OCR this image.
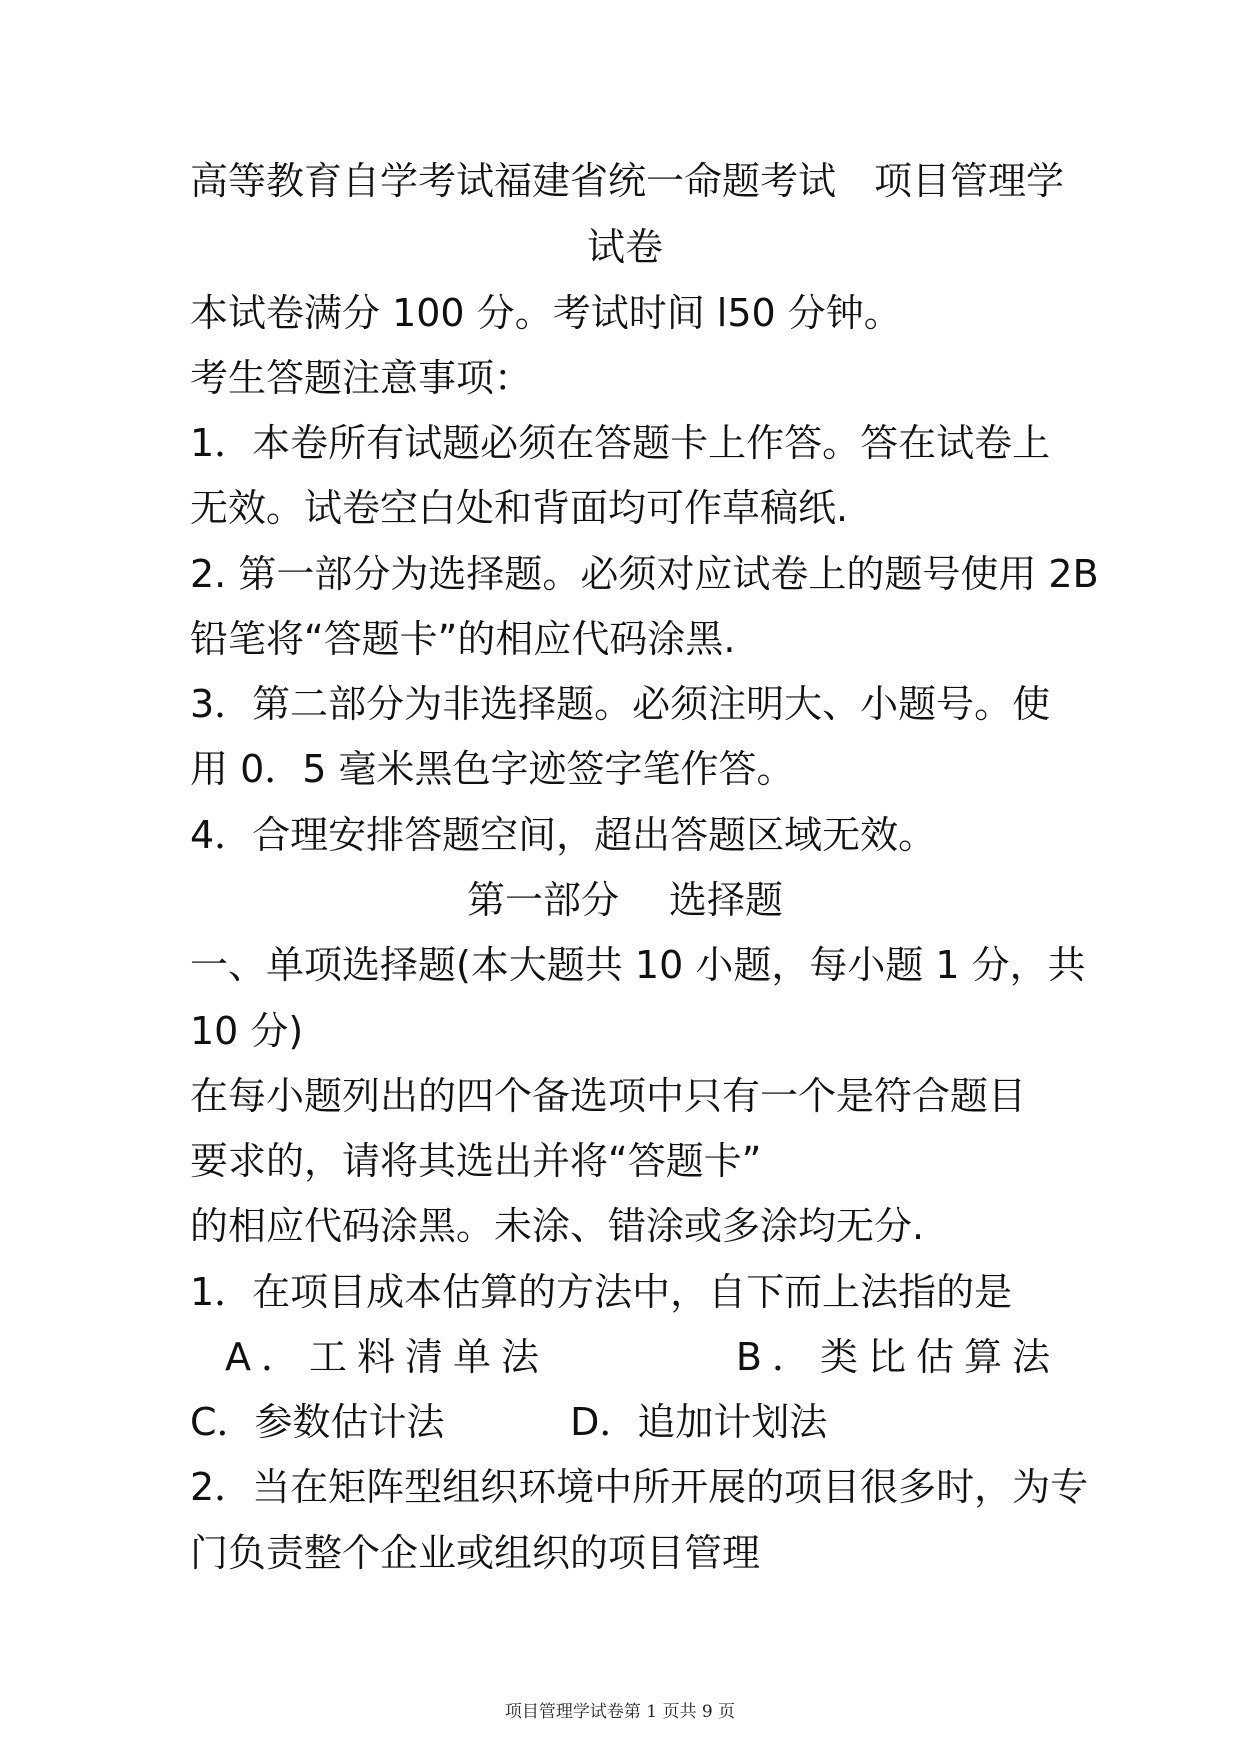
高等教育自学考试福建省统一命题考试　项目管理学
试卷
本试卷满分 100 分。考试时间 l50 分钟。
考生答题注意事项：
1．本卷所有试题必须在答题卡上作答。答在试卷上
无效。试卷空白处和背面均可作草稿纸.
2. 第一部分为选择题。必须对应试卷上的题号使用 2B
铅笔将“答题卡”的相应代码涂黑.
3．第二部分为非选择题。必须注明大、小题号。使
用 0．5 毫米黑色字迹签字笔作答。
4．合理安排答题空间，超出答题区域无效。
第一部分　 选择题
一、单项选择题(本大题共 10 小题，每小题 1 分，共
10 分)
在每小题列出的四个备选项中只有一个是符合题目
要求的，请将其选出并将“答题卡”
的相应代码涂黑。未涂、错涂或多涂均无分.
1．在项目成本估算的方法中，自下而上法指的是
A．工料清单法	B．类比估算法
C．参数估计法	D．追加计划法
2．当在矩阵型组织环境中所开展的项目很多时，为专
门负责整个企业或组织的项目管理
项目管理学试卷第 1 页共 9 页
